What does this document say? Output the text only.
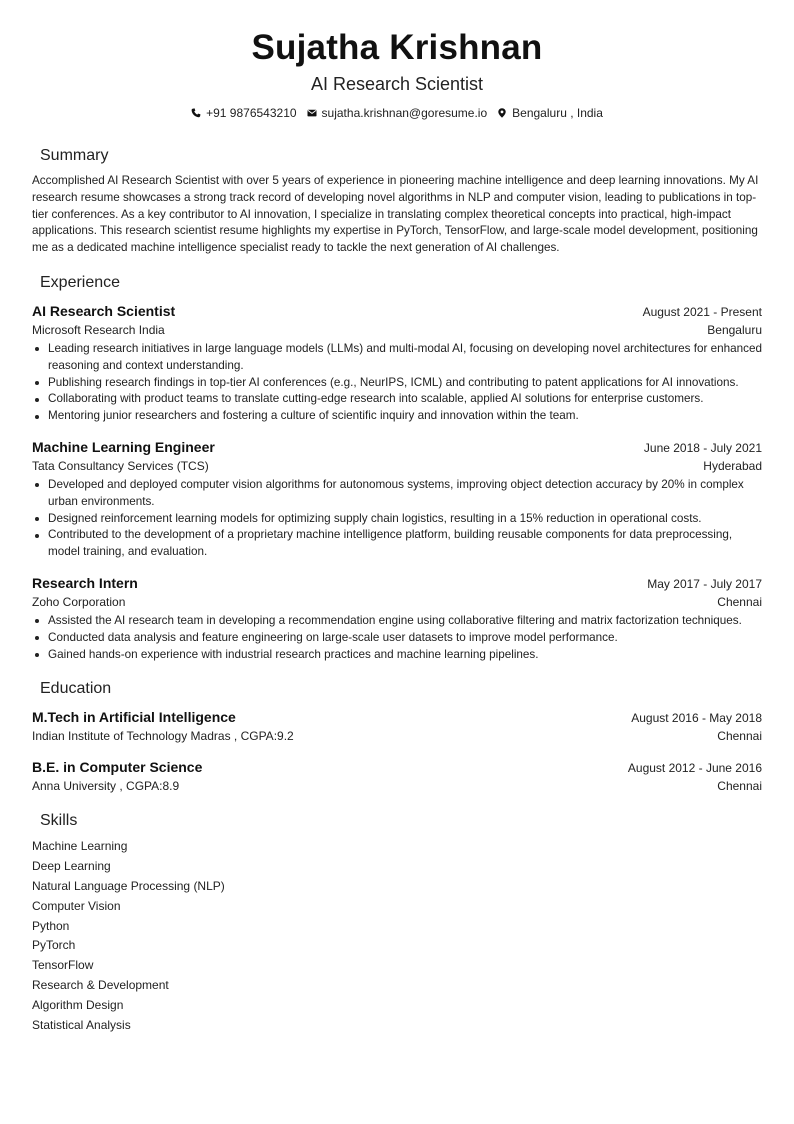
Sujatha Krishnan
AI Research Scientist
+91 9876543210 sujatha.krishnan@goresume.io Bengaluru , India
Summary

Accomplished AI Research Scientist with over 5 years of experience in pioneering machine intelligence and deep learning innovations. My AI research resume showcases a strong track record of developing novel algorithms in NLP and computer vision, leading to publications in top-tier conferences. As a key contributor to AI innovation, I specialize in translating complex theoretical concepts into practical, high-impact applications. This research scientist resume highlights my expertise in PyTorch, TensorFlow, and large-scale model development, positioning me as a dedicated machine intelligence specialist ready to tackle the next generation of AI challenges.

Experience
AI Research Scientist	August 2021 - Present
Microsoft Research India	Bengaluru
Leading research initiatives in large language models (LLMs) and multi-modal AI, focusing on developing novel architectures for enhanced reasoning and context understanding.
Publishing research findings in top-tier AI conferences (e.g., NeurIPS, ICML) and contributing to patent applications for AI innovations.
Collaborating with product teams to translate cutting-edge research into scalable, applied AI solutions for enterprise customers.
Mentoring junior researchers and fostering a culture of scientific inquiry and innovation within the team.
Machine Learning Engineer	June 2018 - July 2021
Tata Consultancy Services (TCS)	Hyderabad
Developed and deployed computer vision algorithms for autonomous systems, improving object detection accuracy by 20% in complex urban environments.
Designed reinforcement learning models for optimizing supply chain logistics, resulting in a 15% reduction in operational costs.
Contributed to the development of a proprietary machine intelligence platform, building reusable components for data preprocessing, model training, and evaluation.
Research Intern	May 2017 - July 2017
Zoho Corporation	Chennai
Assisted the AI research team in developing a recommendation engine using collaborative filtering and matrix factorization techniques.
Conducted data analysis and feature engineering on large-scale user datasets to improve model performance.
Gained hands-on experience with industrial research practices and machine learning pipelines.
Education
M.Tech in Artificial Intelligence	August 2016 - May 2018
Indian Institute of Technology Madras , CGPA:9.2	Chennai
B.E. in Computer Science	August 2012 - June 2016
Anna University , CGPA:8.9	Chennai
Skills
Machine Learning
Deep Learning
Natural Language Processing (NLP)
Computer Vision
Python
PyTorch
TensorFlow
Research & Development
Algorithm Design
Statistical Analysis
